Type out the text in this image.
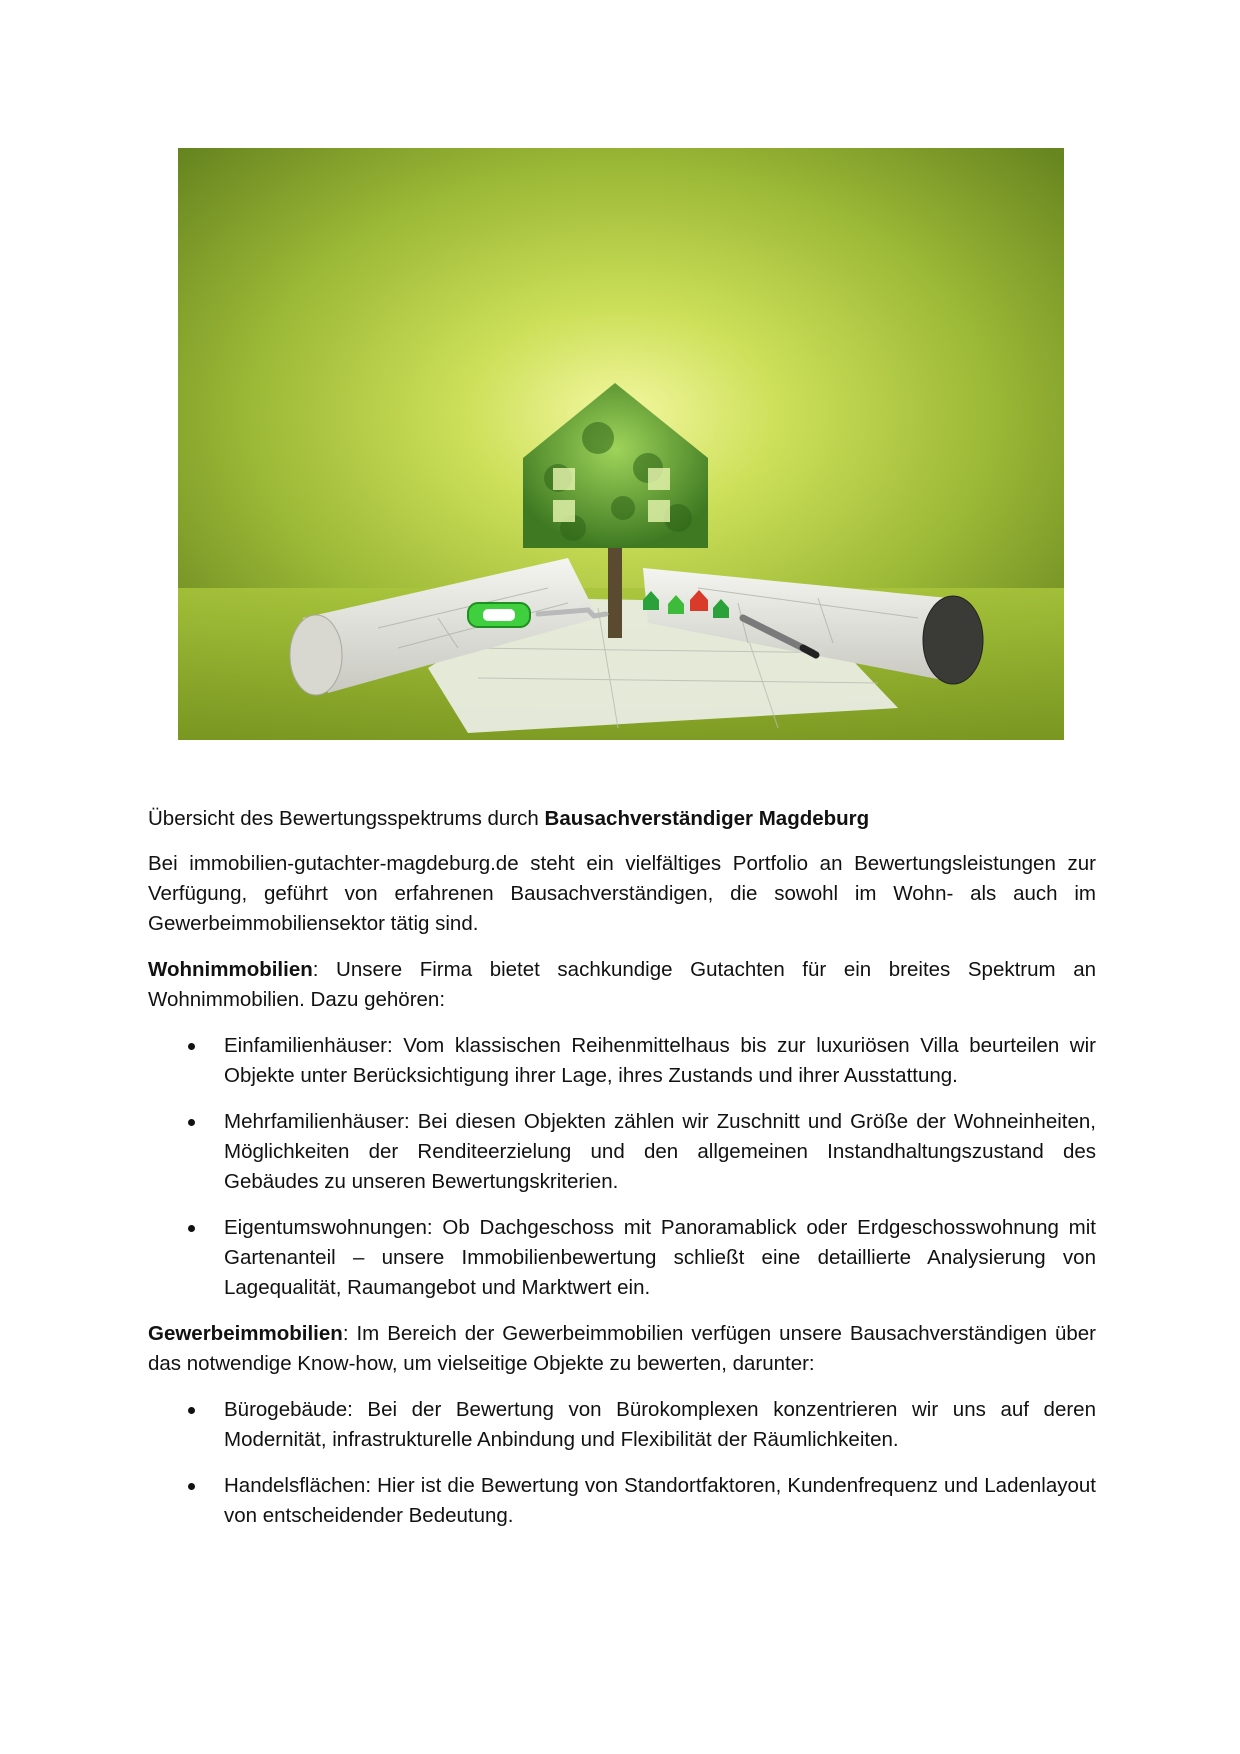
Übersicht des Bewertungsspektrums durch Bausachverständiger Magdeburg

Bei immobilien-gutachter-magdeburg.de steht ein vielfältiges Portfolio an Bewertungsleistungen zur Verfügung, geführt von erfahrenen Bausachverständigen, die sowohl im Wohn- als auch im Gewerbeimmobiliensektor tätig sind.

Wohnimmobilien: Unsere Firma bietet sachkundige Gutachten für ein breites Spektrum an Wohnimmobilien. Dazu gehören:

Einfamilienhäuser: Vom klassischen Reihenmittelhaus bis zur luxuriösen Villa beurteilen wir Objekte unter Berücksichtigung ihrer Lage, ihres Zustands und ihrer Ausstattung.
Mehrfamilienhäuser: Bei diesen Objekten zählen wir Zuschnitt und Größe der Wohneinheiten, Möglichkeiten der Renditeerzielung und den allgemeinen Instandhaltungszustand des Gebäudes zu unseren Bewertungskriterien.
Eigentumswohnungen: Ob Dachgeschoss mit Panoramablick oder Erdgeschosswohnung mit Gartenanteil – unsere Immobilienbewertung schließt eine detaillierte Analysierung von Lagequalität, Raumangebot und Marktwert ein.

Gewerbeimmobilien: Im Bereich der Gewerbeimmobilien verfügen unsere Bausachverständigen über das notwendige Know-how, um vielseitige Objekte zu bewerten, darunter:

Bürogebäude: Bei der Bewertung von Bürokomplexen konzentrieren wir uns auf deren Modernität, infrastrukturelle Anbindung und Flexibilität der Räumlichkeiten.
Handelsflächen: Hier ist die Bewertung von Standortfaktoren, Kundenfrequenz und Ladenlayout von entscheidender Bedeutung.
